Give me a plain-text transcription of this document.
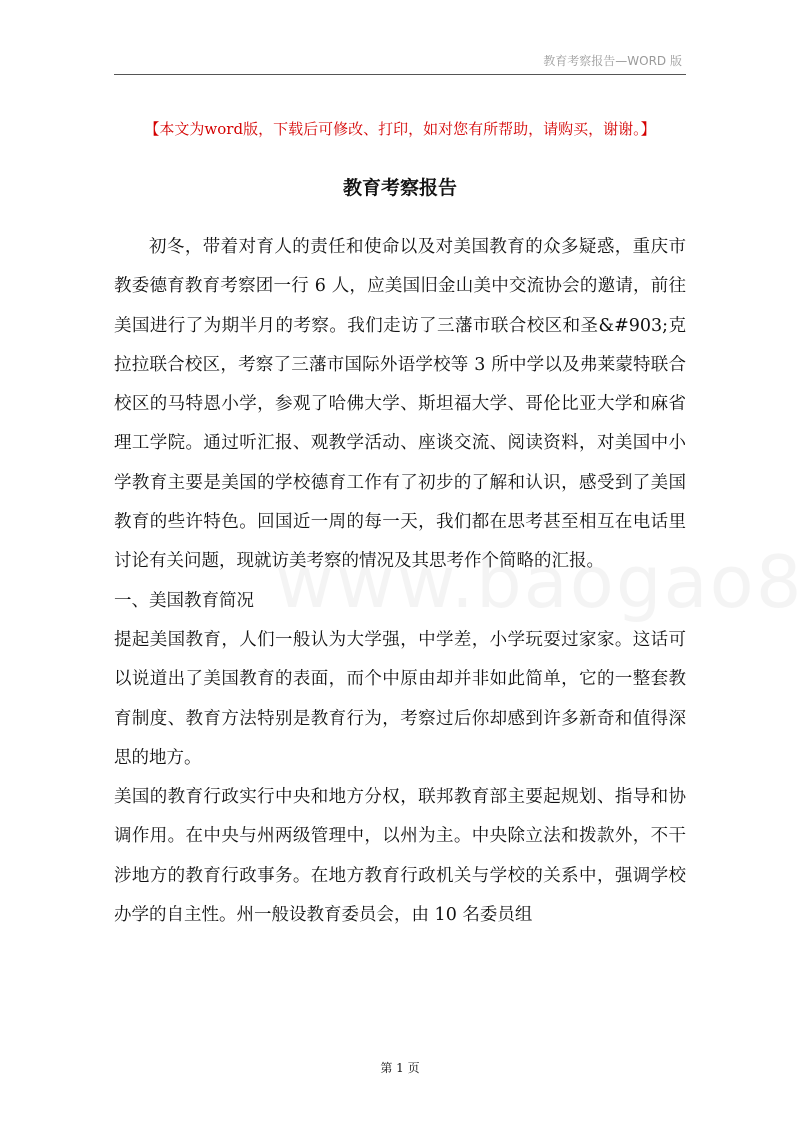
教育考察报告—WORD 版
【本文为word版，下载后可修改、打印，如对您有所帮助，请购买，谢谢。】
教育考察报告

初冬，带着对育人的责任和使命以及对美国教育的众多疑惑，重庆市教委德育教育考察团一行 6 人，应美国旧金山美中交流协会的邀请，前往美国进行了为期半月的考察。我们走访了三藩市联合校区和圣&#903;克拉拉联合校区，考察了三藩市国际外语学校等 3 所中学以及弗莱蒙特联合校区的马特恩小学，参观了哈佛大学、斯坦福大学、哥伦比亚大学和麻省理工学院。通过听汇报、观教学活动、座谈交流、阅读资料，对美国中小学教育主要是美国的学校德育工作有了初步的了解和认识，感受到了美国教育的些许特色。回国近一周的每一天，我们都在思考甚至相互在电话里讨论有关问题，现就访美考察的情况及其思考作个简略的汇报。

一、美国教育简况

提起美国教育，人们一般认为大学强，中学差，小学玩耍过家家。这话可以说道出了美国教育的表面，而个中原由却并非如此简单，它的一整套教育制度、教育方法特别是教育行为，考察过后你却感到许多新奇和值得深思的地方。

美国的教育行政实行中央和地方分权，联邦教育部主要起规划、指导和协调作用。在中央与州两级管理中，以州为主。中央除立法和拨款外，不干涉地方的教育行政事务。在地方教育行政机关与学校的关系中，强调学校办学的自主性。州一般设教育委员会，由 10 名委员组

第 1 页
